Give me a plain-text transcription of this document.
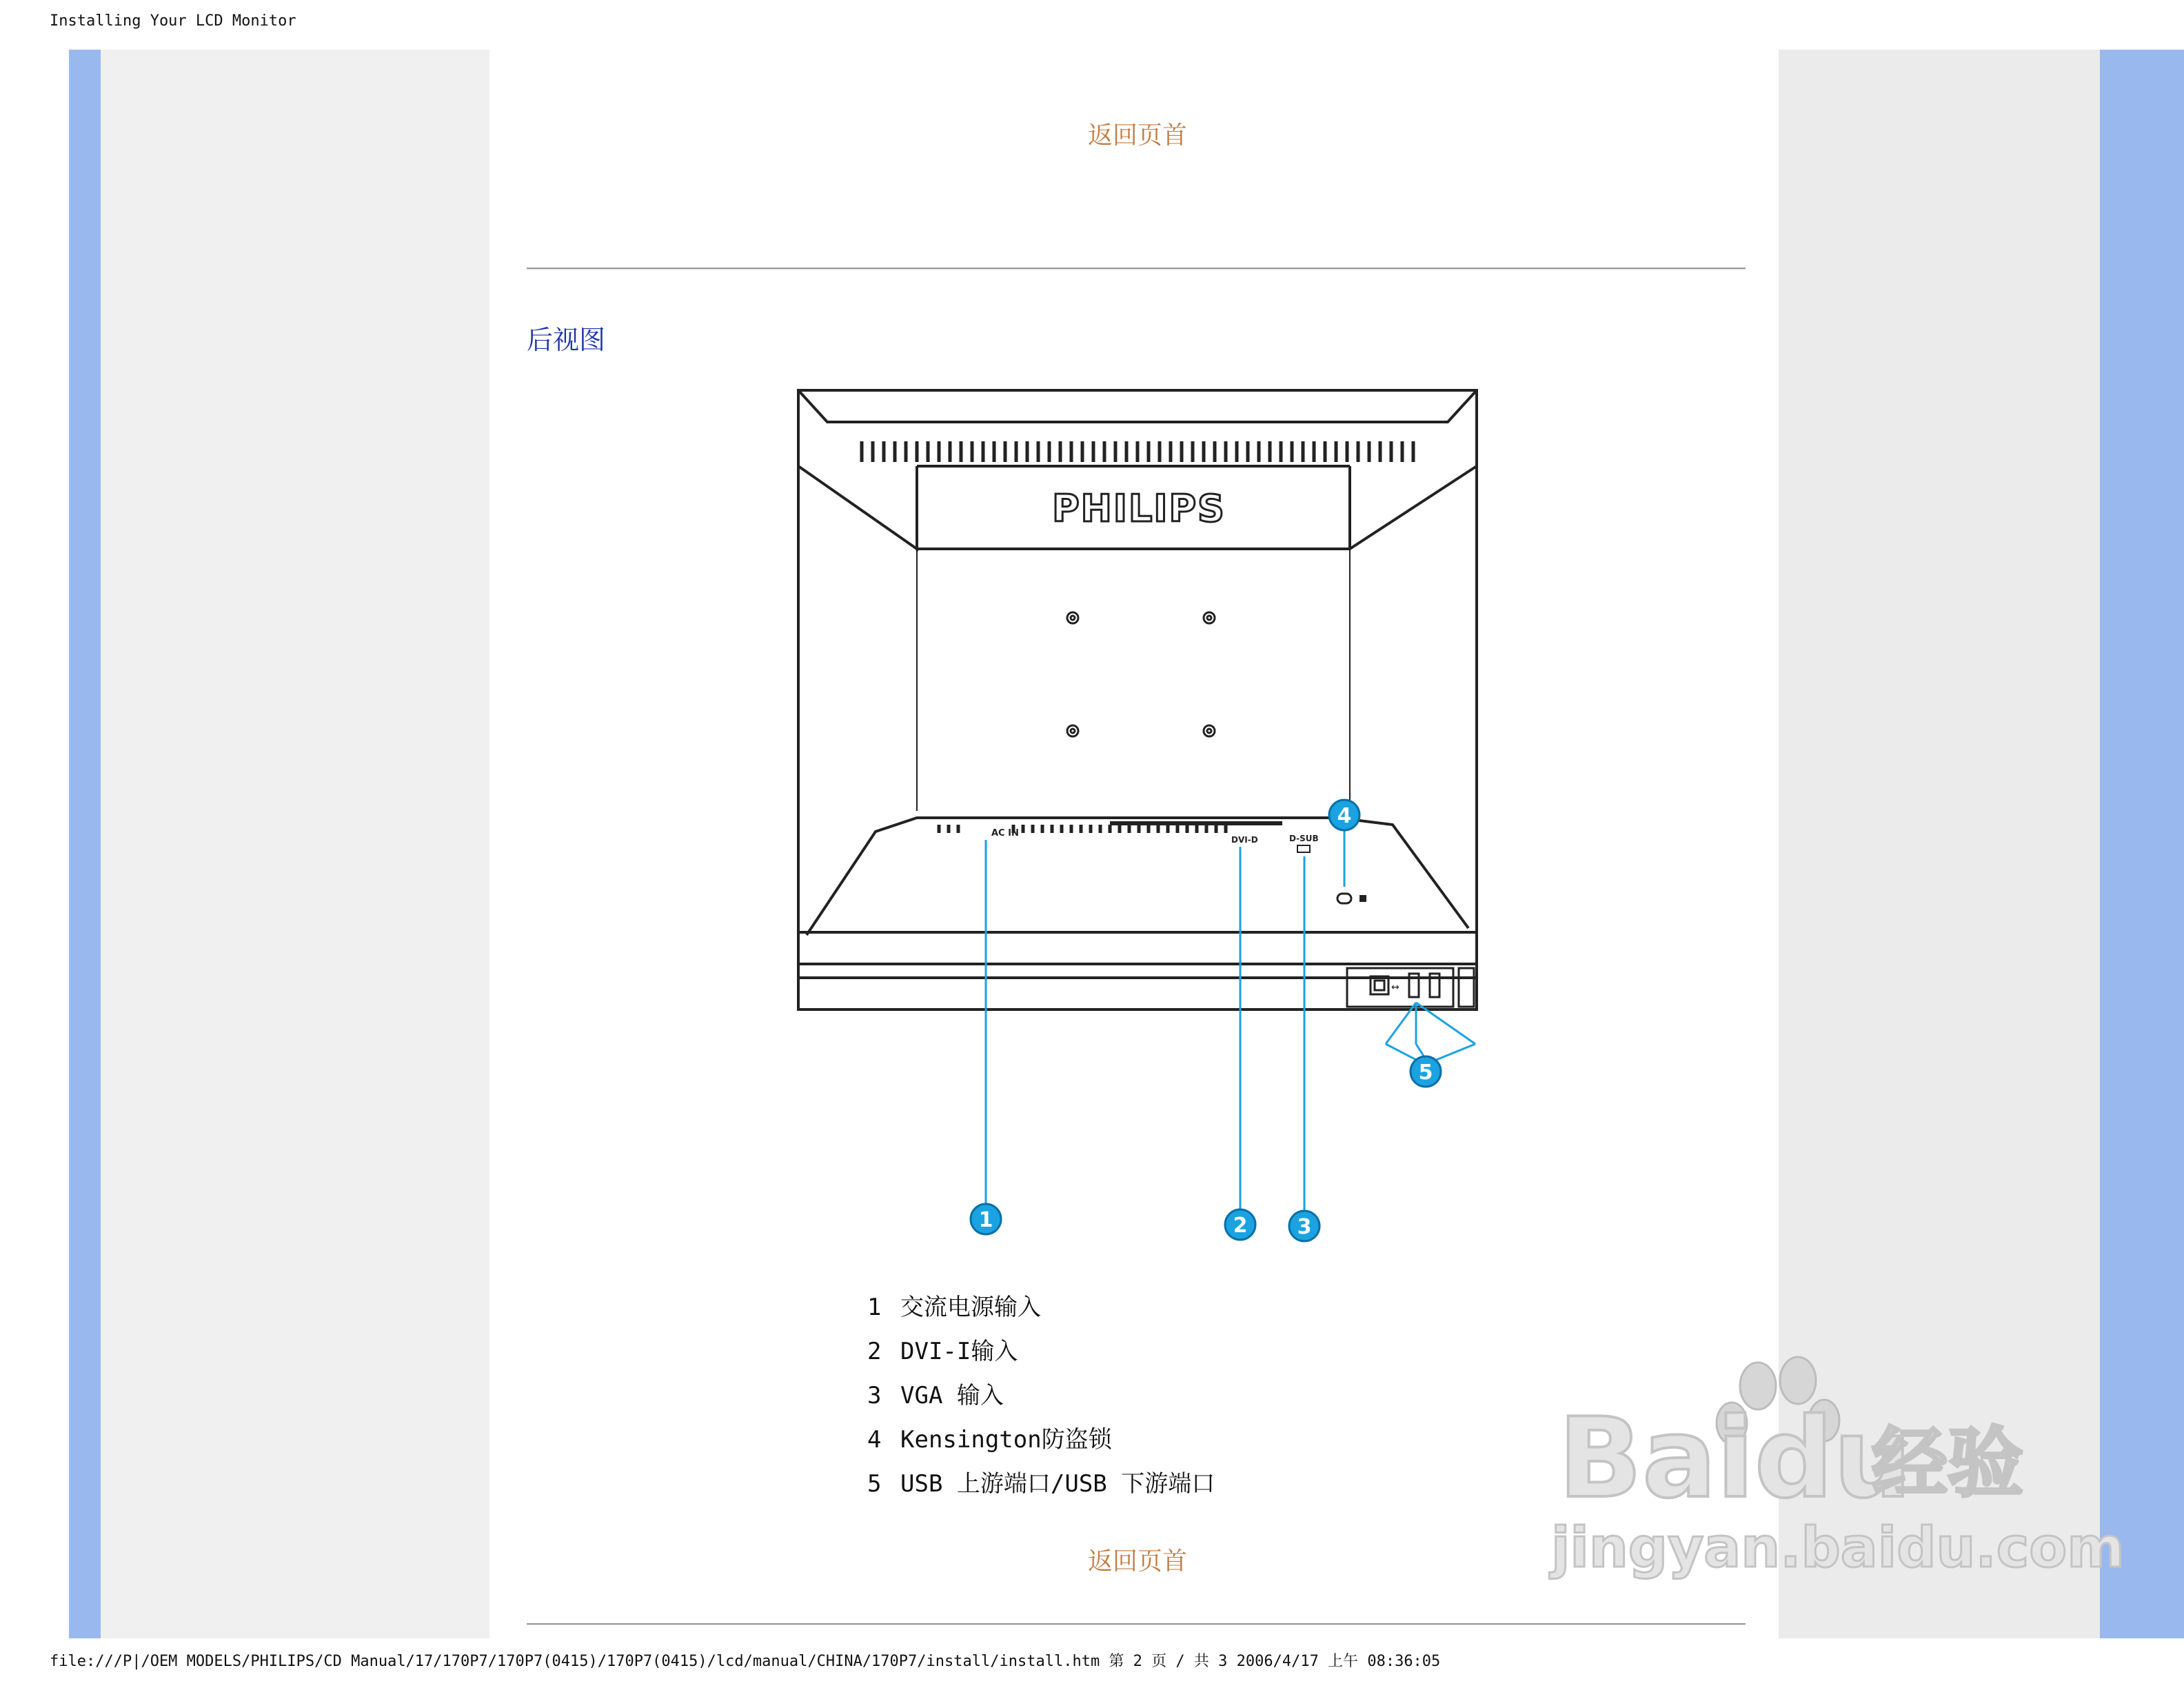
Installing Your LCD Monitor
返回页首
后视图
PHILIPS
AC IN
DVI-D	D-SUB
↔
1	2 3
4
5
1 交流电源输入
2 DVI-I输入
3 VGA 输入
4 Kensington防盗锁
5 USB 上游端口/USB 下游端口
返回页首
Baidu
经验
jingyan.baidu.com
file:///P|/OEM MODELS/PHILIPS/CD Manual/17/170P7/170P7(0415)/170P7(0415)/lcd/manual/CHINA/170P7/install/install.htm 第 2 页 / 共 3 2006/4/17 上午 08:36:05
